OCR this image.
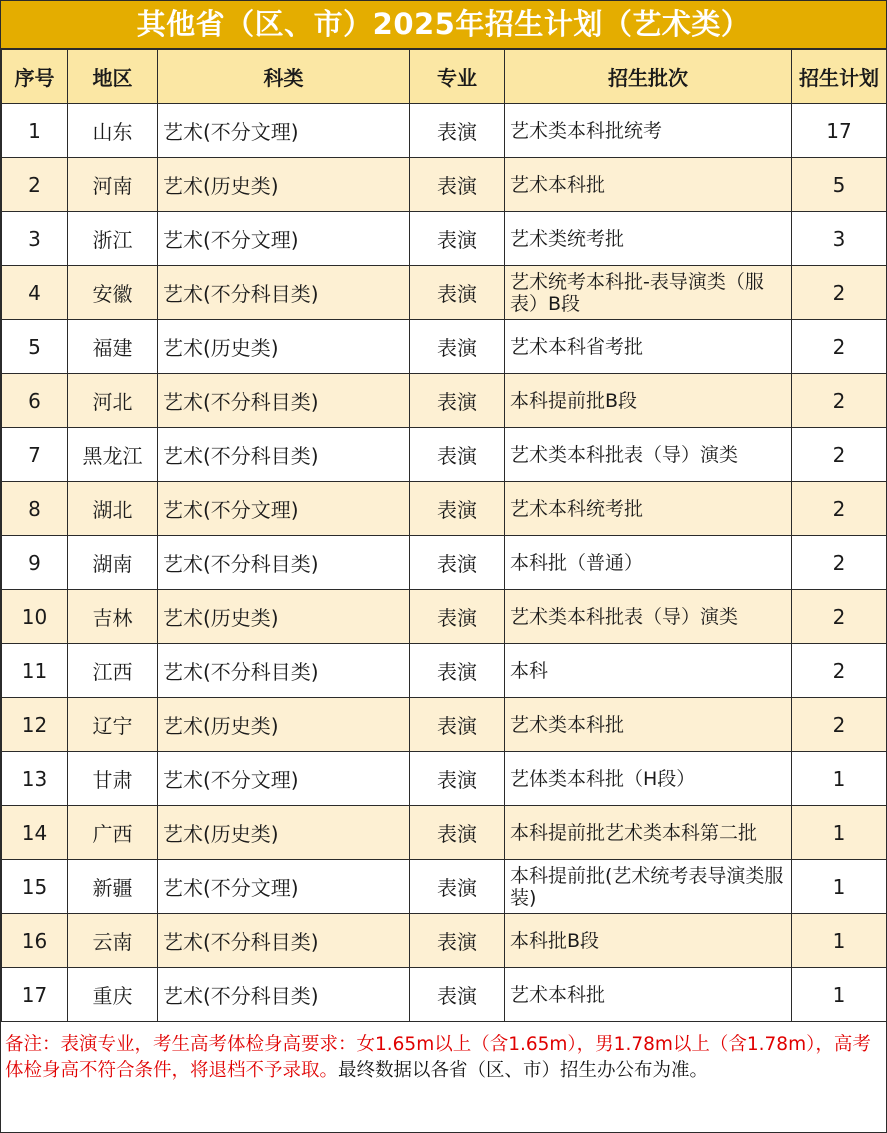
其他省（区、市）2025年招生计划（艺术类）
序号	地区	科类	专业	招生批次	招生计划
1	山东	艺术(不分文理)	表演	艺术类本科批统考	17
2	河南	艺术(历史类)	表演	艺术本科批	5
3	浙江	艺术(不分文理)	表演	艺术类统考批	3
4	安徽	艺术(不分科目类)	表演	艺术统考本科批-表导演类（服表）B段	2
5	福建	艺术(历史类)	表演	艺术本科省考批	2
6	河北	艺术(不分科目类)	表演	本科提前批B段	2
7	黑龙江	艺术(不分科目类)	表演	艺术类本科批表（导）演类	2
8	湖北	艺术(不分文理)	表演	艺术本科统考批	2
9	湖南	艺术(不分科目类)	表演	本科批（普通）	2
10	吉林	艺术(历史类)	表演	艺术类本科批表（导）演类	2
11	江西	艺术(不分科目类)	表演	本科	2
12	辽宁	艺术(历史类)	表演	艺术类本科批	2
13	甘肃	艺术(不分文理)	表演	艺体类本科批（H段）	1
14	广西	艺术(历史类)	表演	本科提前批艺术类本科第二批	1
15	新疆	艺术(不分文理)	表演	本科提前批(艺术统考表导演类服装)	1
16	云南	艺术(不分科目类)	表演	本科批B段	1
17	重庆	艺术(不分科目类)	表演	艺术本科批	1
备注：表演专业，考生高考体检身高要求：女1.65m以上（含1.65m），男1.78m以上（含1.78m），高考体检身高不符合条件，将退档不予录取。最终数据以各省（区、市）招生办公布为准。
